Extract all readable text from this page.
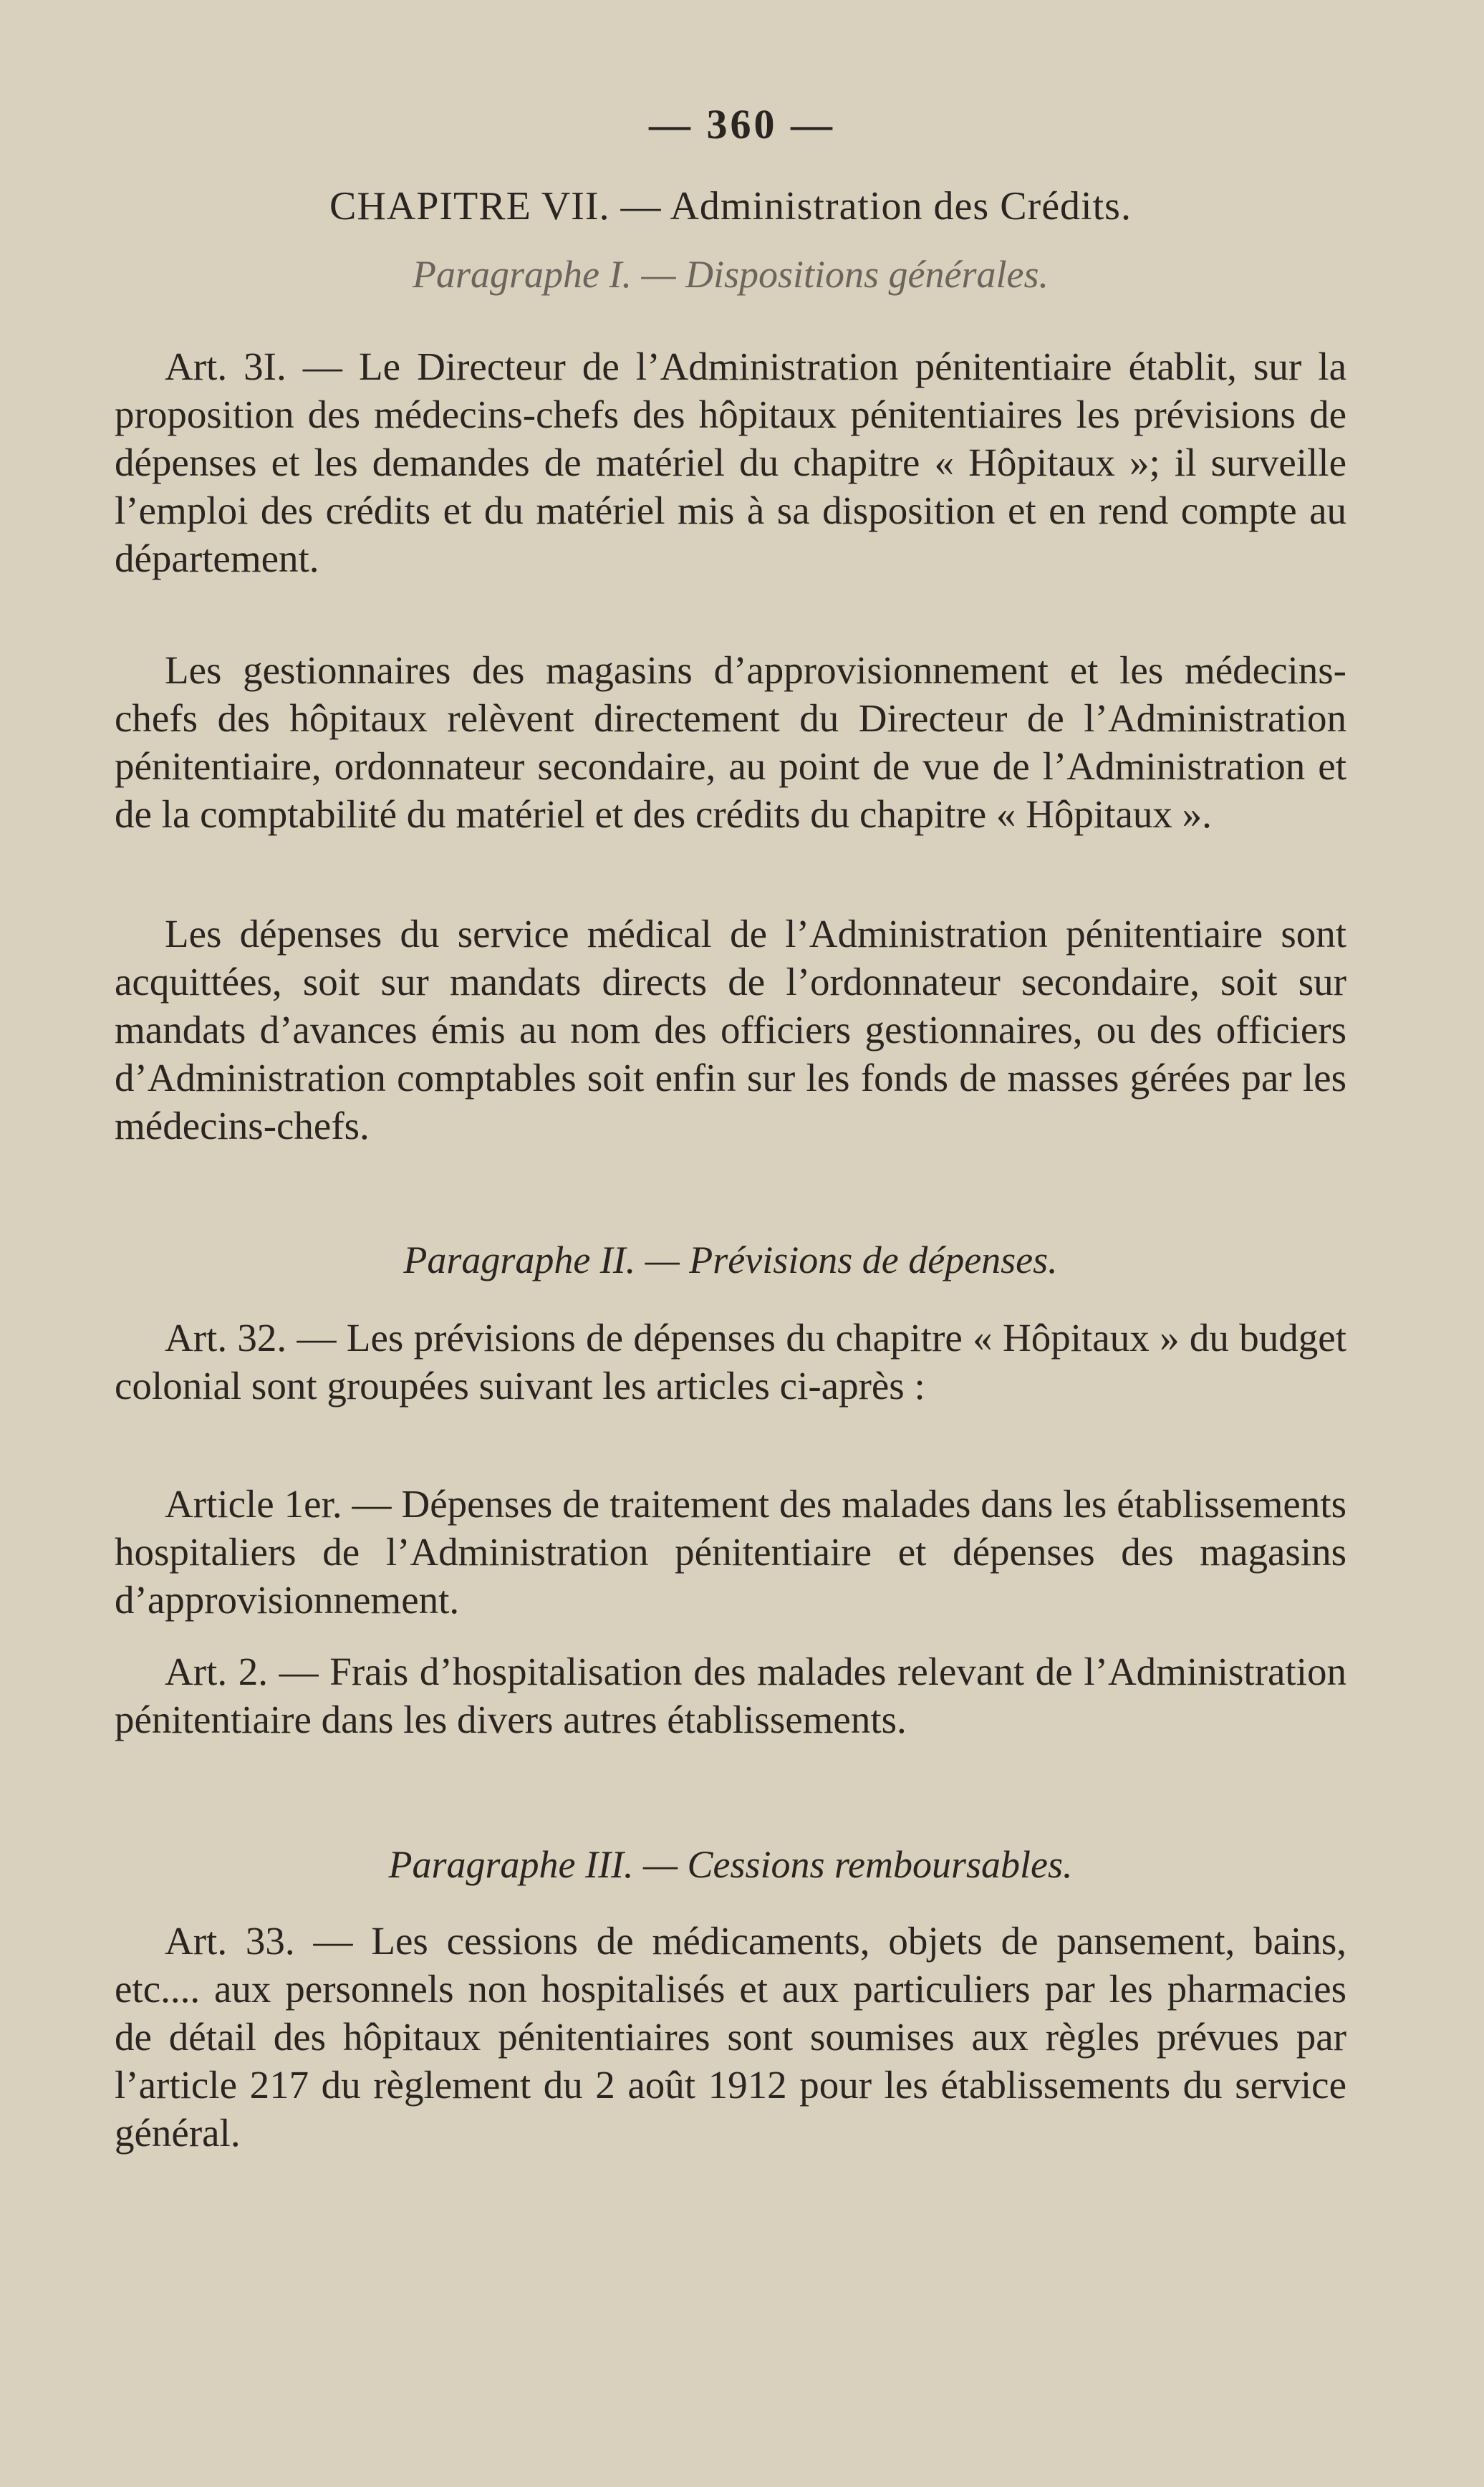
— 360 —
CHAPITRE VII. — Administration des Crédits.
Paragraphe I. — Dispositions générales.
Art. 3I. — Le Directeur de l’Administration pénitentiaire établit, sur la proposition des médecins-chefs des hôpitaux pénitentiaires les prévisions de dépenses et les demandes de matériel du chapitre « Hôpitaux »; il surveille l’emploi des crédits et du matériel mis à sa disposition et en rend compte au département.
Les gestionnaires des magasins d’approvisionnement et les médecins-chefs des hôpitaux relèvent directement du Directeur de l’Administration pénitentiaire, ordonnateur secondaire, au point de vue de l’Administration et de la comptabilité du matériel et des crédits du chapitre « Hôpitaux ».
Les dépenses du service médical de l’Administration pénitentiaire sont acquittées, soit sur mandats directs de l’ordonnateur secondaire, soit sur mandats d’avances émis au nom des officiers gestionnaires, ou des officiers d’Administration comptables soit enfin sur les fonds de masses gérées par les médecins-chefs.
Paragraphe II. — Prévisions de dépenses.
Art. 32. — Les prévisions de dépenses du chapitre « Hôpitaux » du budget colonial sont groupées suivant les articles ci-après :
Article 1er. — Dépenses de traitement des malades dans les établissements hospitaliers de l’Administration pénitentiaire et dépenses des magasins d’approvisionnement.
Art. 2. — Frais d’hospitalisation des malades relevant de l’Administration pénitentiaire dans les divers autres établissements.
Paragraphe III. — Cessions remboursables.
Art. 33. — Les cessions de médicaments, objets de pansement, bains, etc.... aux personnels non hospitalisés et aux particuliers par les pharmacies de détail des hôpitaux pénitentiaires sont soumises aux règles prévues par l’article 217 du règlement du 2 août 1912 pour les établissements du service général.
